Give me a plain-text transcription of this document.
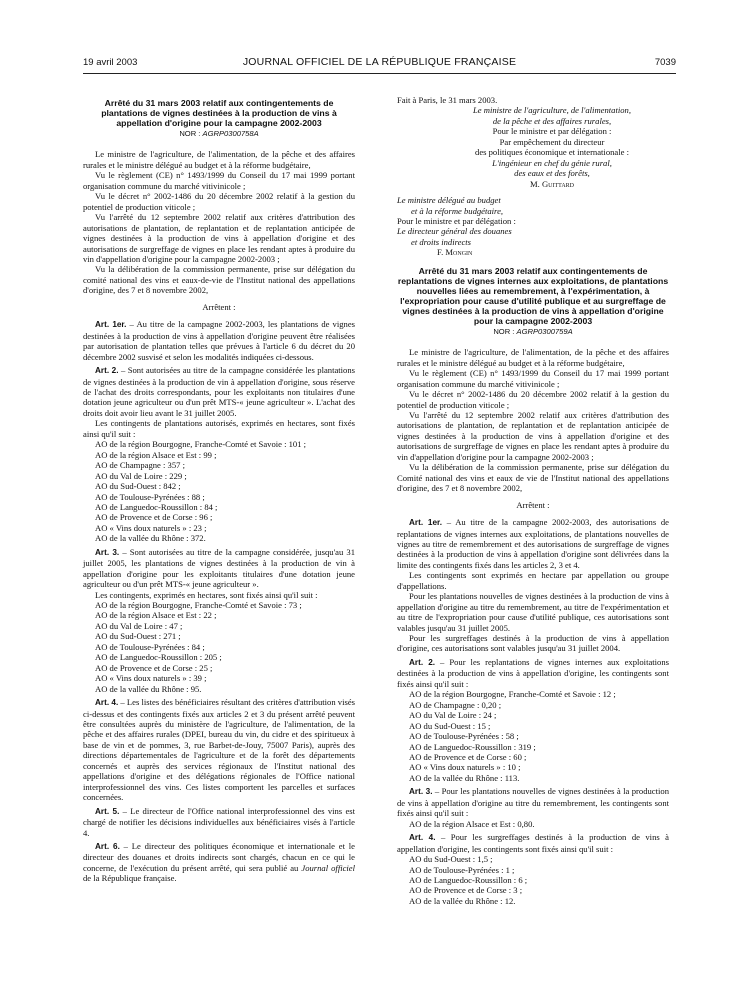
19 avril 2003	JOURNAL OFFICIEL DE LA RÉPUBLIQUE FRANÇAISE	7039
Arrêté du 31 mars 2003 relatif aux contingentements de plantations de vignes destinées à la production de vins à appellation d'origine pour la campagne 2002-2003
NOR : AGRP0300758A

Le ministre de l'agriculture, de l'alimentation, de la pêche et des affaires rurales et le ministre délégué au budget et à la réforme budgétaire,

Vu le règlement (CE) n° 1493/1999 du Conseil du 17 mai 1999 portant organisation commune du marché vitivinicole ;

Vu le décret n° 2002-1486 du 20 décembre 2002 relatif à la gestion du potentiel de production viticole ;

Vu l'arrêté du 12 septembre 2002 relatif aux critères d'attribution des autorisations de plantation, de replantation et de replantation anticipée de vignes destinées à la production de vins à appellation d'origine et des autorisations de surgreffage de vignes en place les rendant aptes à produire du vin d'appellation d'origine pour la campagne 2002-2003 ;

Vu la délibération de la commission permanente, prise sur délégation du comité national des vins et eaux-de-vie de l'Institut national des appellations d'origine, des 7 et 8 novembre 2002,

Arrêtent :

Art. 1er. – Au titre de la campagne 2002-2003, les plantations de vignes destinées à la production de vins à appellation d'origine peuvent être réalisées par autorisation de plantation telles que prévues à l'article 6 du décret du 20 décembre 2002 susvisé et selon les modalités indiquées ci-dessous.

Art. 2. – Sont autorisées au titre de la campagne considérée les plantations de vignes destinées à la production de vin à appellation d'origine, sous réserve de l'achat des droits correspondants, pour les exploitants non titulaires d'une dotation jeune agriculteur ou d'un prêt MTS-« jeune agriculteur ». L'achat des droits doit avoir lieu avant le 31 juillet 2005.

Les contingents de plantations autorisés, exprimés en hectares, sont fixés ainsi qu'il suit :

AO de la région Bourgogne, Franche-Comté et Savoie : 101 ;
AO de la région Alsace et Est : 99 ;
AO de Champagne : 357 ;
AO du Val de Loire : 229 ;
AO du Sud-Ouest : 842 ;
AO de Toulouse-Pyrénées : 88 ;
AO de Languedoc-Roussillon : 84 ;
AO de Provence et de Corse : 96 ;
AO « Vins doux naturels » : 23 ;
AO de la vallée du Rhône : 372.

Art. 3. – Sont autorisées au titre de la campagne considérée, jusqu'au 31 juillet 2005, les plantations de vignes destinées à la production de vin à appellation d'origine pour les exploitants titulaires d'une dotation jeune agriculteur ou d'un prêt MTS-« jeune agriculteur ».

Les contingents, exprimés en hectares, sont fixés ainsi qu'il suit :

AO de la région Bourgogne, Franche-Comté et Savoie : 73 ;
AO de la région Alsace et Est : 22 ;
AO du Val de Loire : 47 ;
AO du Sud-Ouest : 271 ;
AO de Toulouse-Pyrénées : 84 ;
AO de Languedoc-Roussillon : 205 ;
AO de Provence et de Corse : 25 ;
AO « Vins doux naturels » : 39 ;
AO de la vallée du Rhône : 95.

Art. 4. – Les listes des bénéficiaires résultant des critères d'attribution visés ci-dessus et des contingents fixés aux articles 2 et 3 du présent arrêté peuvent être consultées auprès du ministère de l'agriculture, de l'alimentation, de la pêche et des affaires rurales (DPEI, bureau du vin, du cidre et des spiritueux à base de vin et de pommes, 3, rue Barbet-de-Jouy, 75007 Paris), auprès des directions départementales de l'agriculture et de la forêt des départements concernés et auprès des services régionaux de l'Institut national des appellations d'origine et des délégations régionales de l'Office national interprofessionnel des vins. Ces listes comportent les parcelles et surfaces concernées.

Art. 5. – Le directeur de l'Office national interprofessionnel des vins est chargé de notifier les décisions individuelles aux bénéficiaires visés à l'article 4.

Art. 6. – Le directeur des politiques économique et internationale et le directeur des douanes et droits indirects sont chargés, chacun en ce qui le concerne, de l'exécution du présent arrêté, qui sera publié au Journal officiel de la République française.

Fait à Paris, le 31 mars 2003.

Le ministre de l'agriculture, de l'alimentation,

de la pêche et des affaires rurales,

Pour le ministre et par délégation :

Par empêchement du directeur

des politiques économique et internationale :

L'ingénieur en chef du génie rural,

des eaux et des forêts,

M. Guittard

Le ministre délégué au budget

et à la réforme budgétaire,

Pour le ministre et par délégation :

Le directeur général des douanes

et droits indirects

F. Mongin

Arrêté du 31 mars 2003 relatif aux contingentements de replantations de vignes internes aux exploitations, de plantations nouvelles liées au remembrement, à l'expérimentation, à l'expropriation pour cause d'utilité publique et au surgreffage de vignes destinées à la production de vins à appellation d'origine pour la campagne 2002-2003
NOR : AGRP0300759A

Le ministre de l'agriculture, de l'alimentation, de la pêche et des affaires rurales et le ministre délégué au budget et à la réforme budgétaire,

Vu le règlement (CE) n° 1493/1999 du Conseil du 17 mai 1999 portant organisation commune du marché vitivinicole ;

Vu le décret n° 2002-1486 du 20 décembre 2002 relatif à la gestion du potentiel de production viticole ;

Vu l'arrêté du 12 septembre 2002 relatif aux critères d'attribution des autorisations de plantation, de replantation et de replantation anticipée de vignes destinées à la production de vins à appellation d'origine et des autorisations de surgreffage de vignes en place les rendant aptes à produire du vin d'appellation d'origine pour la campagne 2002-2003 ;

Vu la délibération de la commission permanente, prise sur délégation du Comité national des vins et eaux de vie de l'Institut national des appellations d'origine, des 7 et 8 novembre 2002,

Arrêtent :

Art. 1er. – Au titre de la campagne 2002-2003, des autorisations de replantations de vignes internes aux exploitations, de plantations nouvelles de vignes au titre de remembrement et des autorisations de surgreffage de vignes destinées à la production de vins à appellation d'origine sont délivrées dans la limite des contingents fixés dans les articles 2, 3 et 4.

Les contingents sont exprimés en hectare par appellation ou groupe d'appellations.

Pour les plantations nouvelles de vignes destinées à la production de vins à appellation d'origine au titre du remembrement, au titre de l'expérimentation et au titre de l'expropriation pour cause d'utilité publique, ces autorisations sont valables jusqu'au 31 juillet 2005.

Pour les surgreffages destinés à la production de vins à appellation d'origine, ces autorisations sont valables jusqu'au 31 juillet 2004.

Art. 2. – Pour les replantations de vignes internes aux exploitations destinées à la production de vins à appellation d'origine, les contingents sont fixés ainsi qu'il suit :

AO de la région Bourgogne, Franche-Comté et Savoie : 12 ;
AO de Champagne : 0,20 ;
AO du Val de Loire : 24 ;
AO du Sud-Ouest : 15 ;
AO de Toulouse-Pyrénées : 58 ;
AO de Languedoc-Roussillon : 319 ;
AO de Provence et de Corse : 60 ;
AO « Vins doux naturels » : 10 ;
AO de la vallée du Rhône : 113.

Art. 3. – Pour les plantations nouvelles de vignes destinées à la production de vins à appellation d'origine au titre du remembrement, les contingents sont fixés ainsi qu'il suit :

AO de la région Alsace et Est : 0,80.

Art. 4. – Pour les surgreffages destinés à la production de vins à appellation d'origine, les contingents sont fixés ainsi qu'il suit :

AO du Sud-Ouest : 1,5 ;
AO de Toulouse-Pyrénées : 1 ;
AO de Languedoc-Roussillon : 6 ;
AO de Provence et de Corse : 3 ;
AO de la vallée du Rhône : 12.
